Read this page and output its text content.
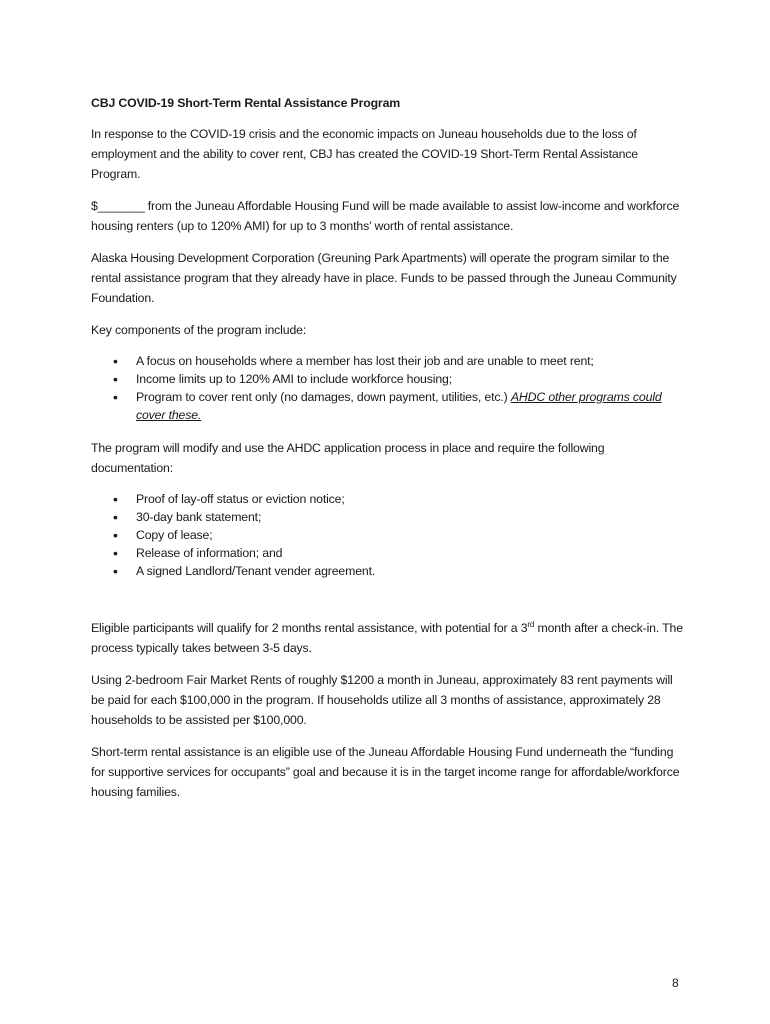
CBJ COVID-19 Short-Term Rental Assistance Program

In response to the COVID-19 crisis and the economic impacts on Juneau households due to the loss of employment and the ability to cover rent, CBJ has created the COVID-19 Short-Term Rental Assistance Program.

$_______ from the Juneau Affordable Housing Fund will be made available to assist low-income and workforce housing renters (up to 120% AMI) for up to 3 months’ worth of rental assistance.

Alaska Housing Development Corporation (Greuning Park Apartments) will operate the program similar to the rental assistance program that they already have in place. Funds to be passed through the Juneau Community Foundation.

Key components of the program include:

• A focus on households where a member has lost their job and are unable to meet rent;
• Income limits up to 120% AMI to include workforce housing;
• Program to cover rent only (no damages, down payment, utilities, etc.) AHDC other programs could cover these.

The program will modify and use the AHDC application process in place and require the following documentation:

• Proof of lay-off status or eviction notice;
• 30-day bank statement;
• Copy of lease;
• Release of information; and
• A signed Landlord/Tenant vender agreement.

Eligible participants will qualify for 2 months rental assistance, with potential for a 3rd month after a check-in. The process typically takes between 3-5 days.

Using 2-bedroom Fair Market Rents of roughly $1200 a month in Juneau, approximately 83 rent payments will be paid for each $100,000 in the program. If households utilize all 3 months of assistance, approximately 28 households to be assisted per $100,000.

Short-term rental assistance is an eligible use of the Juneau Affordable Housing Fund underneath the “funding for supportive services for occupants” goal and because it is in the target income range for affordable/workforce housing families.

8
